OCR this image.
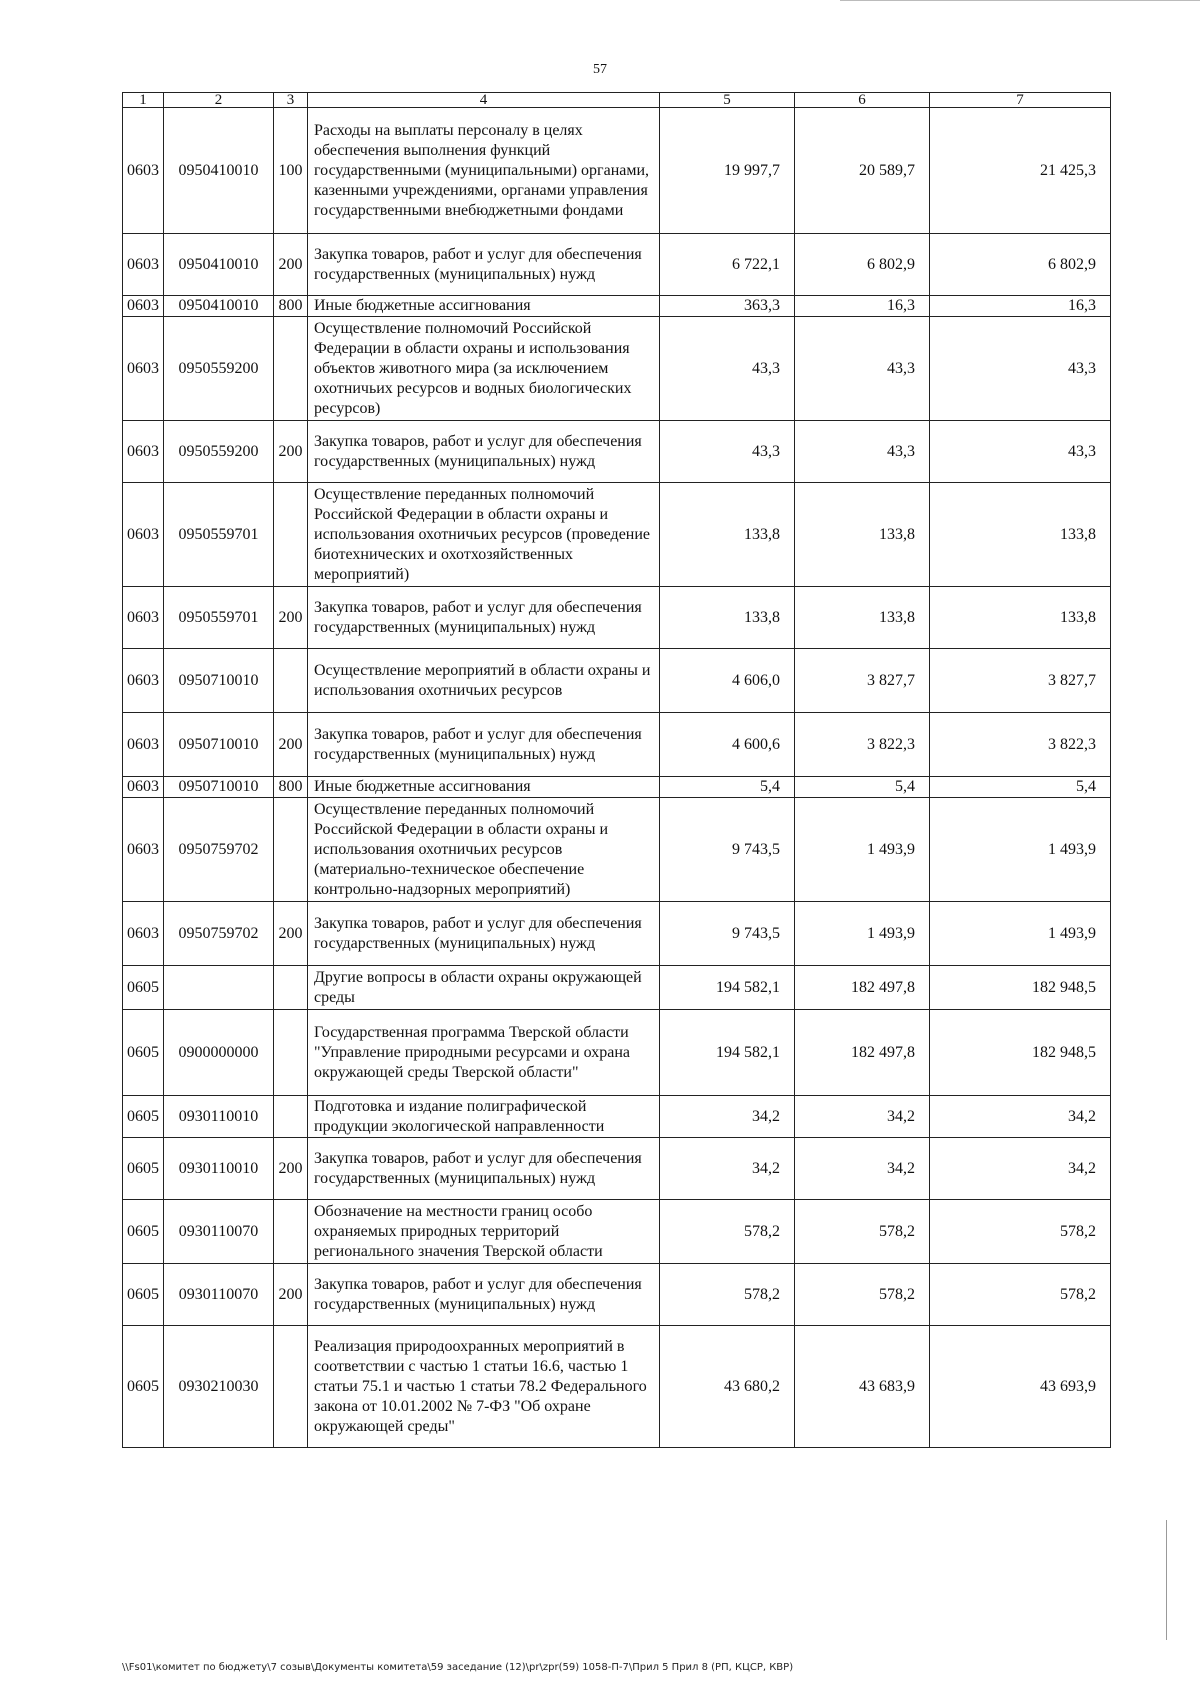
57
1	2	3	4	5	6	7
0603	0950410010	100	Расходы на выплаты персоналу в целях обеспечения выполнения функций государственными (муниципальными) органами, казенными учреждениями, органами управления государственными внебюджетными фондами	19 997,7	20 589,7	21 425,3
0603	0950410010	200	Закупка товаров, работ и услуг для обеспечения государственных (муниципальных) нужд	6 722,1	6 802,9	6 802,9
0603	0950410010	800	Иные бюджетные ассигнования	363,3	16,3	16,3
0603	0950559200		Осуществление полномочий Российской Федерации в области охраны и использования объектов животного мира (за исключением охотничьих ресурсов и водных биологических ресурсов)	43,3	43,3	43,3
0603	0950559200	200	Закупка товаров, работ и услуг для обеспечения государственных (муниципальных) нужд	43,3	43,3	43,3
0603	0950559701		Осуществление переданных полномочий Российской Федерации в области охраны и использования охотничьих ресурсов (проведение биотехнических и охотхозяйственных мероприятий)	133,8	133,8	133,8
0603	0950559701	200	Закупка товаров, работ и услуг для обеспечения государственных (муниципальных) нужд	133,8	133,8	133,8
0603	0950710010		Осуществление мероприятий в области охраны и использования охотничьих ресурсов	4 606,0	3 827,7	3 827,7
0603	0950710010	200	Закупка товаров, работ и услуг для обеспечения государственных (муниципальных) нужд	4 600,6	3 822,3	3 822,3
0603	0950710010	800	Иные бюджетные ассигнования	5,4	5,4	5,4
0603	0950759702		Осуществление переданных полномочий Российской Федерации в области охраны и использования охотничьих ресурсов (материально-техническое обеспечение контрольно-надзорных мероприятий)	9 743,5	1 493,9	1 493,9
0603	0950759702	200	Закупка товаров, работ и услуг для обеспечения государственных (муниципальных) нужд	9 743,5	1 493,9	1 493,9
0605			Другие вопросы в области охраны окружающей среды	194 582,1	182 497,8	182 948,5
0605	0900000000		Государственная программа Тверской области "Управление природными ресурсами и охрана окружающей среды Тверской области"	194 582,1	182 497,8	182 948,5
0605	0930110010		Подготовка и издание полиграфической продукции экологической направленности	34,2	34,2	34,2
0605	0930110010	200	Закупка товаров, работ и услуг для обеспечения государственных (муниципальных) нужд	34,2	34,2	34,2
0605	0930110070		Обозначение на местности границ особо охраняемых природных территорий регионального значения Тверской области	578,2	578,2	578,2
0605	0930110070	200	Закупка товаров, работ и услуг для обеспечения государственных (муниципальных) нужд	578,2	578,2	578,2
0605	0930210030		Реализация природоохранных мероприятий в соответствии с частью 1 статьи 16.6, частью 1 статьи 75.1 и частью 1 статьи 78.2 Федерального закона от 10.01.2002 № 7-ФЗ "Об охране окружающей среды"	43 680,2	43 683,9	43 693,9
\\Fs01\комитет по бюджету\7 созыв\Документы комитета\59 заседание (12)\pr\zpr(59) 1058-П-7\Прил 5 Прил 8 (РП, КЦСР, КВР)
